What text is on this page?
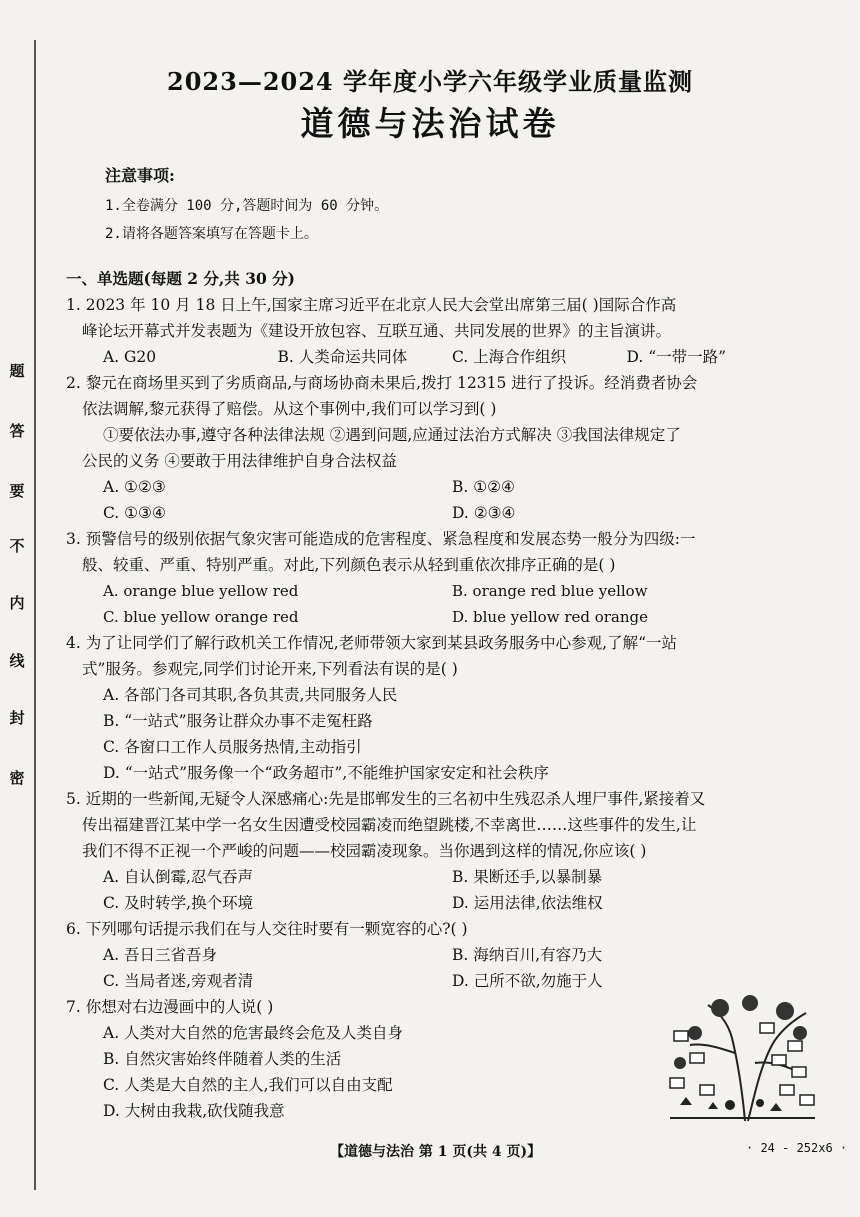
题
答
要
不
内
线
封
密
2023—2024 学年度小学六年级学业质量监测
道德与法治试卷
注意事项:
1.全卷满分 100 分,答题时间为 60 分钟。
2.请将各题答案填写在答题卡上。
一、单选题(每题 2 分,共 30 分)

1. 2023 年 10 月 18 日上午,国家主席习近平在北京人民大会堂出席第三届( )国际合作高

峰论坛开幕式并发表题为《建设开放包容、互联互通、共同发展的世界》的主旨演讲。

A. G20	B. 人类命运共同体	C. 上海合作组织	D. “一带一路”

2. 黎元在商场里买到了劣质商品,与商场协商未果后,拨打 12315 进行了投诉。经消费者协会

依法调解,黎元获得了赔偿。从这个事例中,我们可以学习到( )

①要依法办事,遵守各种法律法规 ②遇到问题,应通过法治方式解决 ③我国法律规定了
公民的义务 ④要敢于用法律维护自身合法权益
A. ①②③	B. ①②④
C. ①③④	D. ②③④

3. 预警信号的级别依据气象灾害可能造成的危害程度、紧急程度和发展态势一般分为四级:一

般、较重、严重、特别严重。对此,下列颜色表示从轻到重依次排序正确的是( )

A. orange blue yellow red	B. orange red blue yellow
C. blue yellow orange red	D. blue yellow red orange

4. 为了让同学们了解行政机关工作情况,老师带领大家到某县政务服务中心参观,了解“一站

式”服务。参观完,同学们讨论开来,下列看法有误的是( )

A. 各部门各司其职,各负其责,共同服务人民
B. “一站式”服务让群众办事不走冤枉路
C. 各窗口工作人员服务热情,主动指引
D. “一站式”服务像一个“政务超市”,不能维护国家安定和社会秩序

5. 近期的一些新闻,无疑令人深感痛心:先是邯郸发生的三名初中生残忍杀人埋尸事件,紧接着又

传出福建晋江某中学一名女生因遭受校园霸凌而绝望跳楼,不幸离世……这些事件的发生,让

我们不得不正视一个严峻的问题——校园霸凌现象。当你遇到这样的情况,你应该( )

A. 自认倒霉,忍气吞声	B. 果断还手,以暴制暴
C. 及时转学,换个环境	D. 运用法律,依法维权

6. 下列哪句话提示我们在与人交往时要有一颗宽容的心?( )

A. 吾日三省吾身	B. 海纳百川,有容乃大
C. 当局者迷,旁观者清	D. 己所不欲,勿施于人

7. 你想对右边漫画中的人说( )

A. 人类对大自然的危害最终会危及人类自身
B. 自然灾害始终伴随着人类的生活
C. 人类是大自然的主人,我们可以自由支配
D. 大树由我栽,砍伐随我意
【道德与法治 第 1 页(共 4 页)】	· 24 - 252x6 ·
